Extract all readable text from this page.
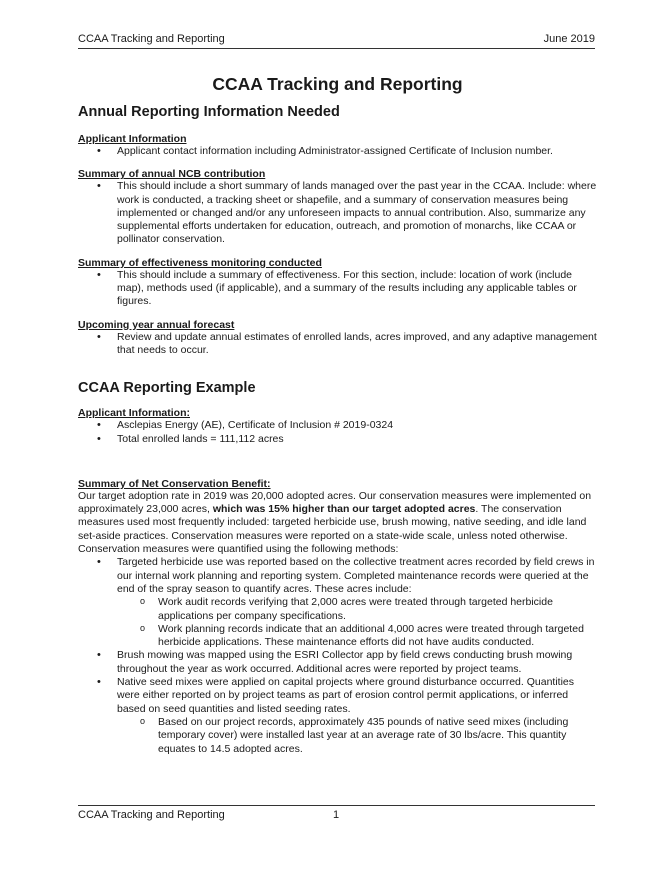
CCAA Tracking and Reporting	June 2019
CCAA Tracking and Reporting
Annual Reporting Information Needed
Applicant Information
• Applicant contact information including Administrator-assigned Certificate of Inclusion number.
Summary of annual NCB contribution
• This should include a short summary of lands managed over the past year in the CCAA. Include: where work is conducted, a tracking sheet or shapefile, and a summary of conservation measures being implemented or changed and/or any unforeseen impacts to annual contribution. Also, summarize any supplemental efforts undertaken for education, outreach, and promotion of monarchs, like CCAA or pollinator conservation.
Summary of effectiveness monitoring conducted
• This should include a summary of effectiveness. For this section, include: location of work (include map), methods used (if applicable), and a summary of the results including any applicable tables or figures.
Upcoming year annual forecast
• Review and update annual estimates of enrolled lands, acres improved, and any adaptive management that needs to occur.
CCAA Reporting Example
Applicant Information:
• Asclepias Energy (AE), Certificate of Inclusion # 2019-0324
• Total enrolled lands = 111,112 acres
Summary of Net Conservation Benefit:

Our target adoption rate in 2019 was 20,000 adopted acres. Our conservation measures were implemented on approximately 23,000 acres, which was 15% higher than our target adopted acres. The conservation measures used most frequently included: targeted herbicide use, brush mowing, native seeding, and idle land set-aside practices. Conservation measures were reported on a state-wide scale, unless noted otherwise. Conservation measures were quantified using the following methods:

• Targeted herbicide use was reported based on the collective treatment acres recorded by field crews in our internal work planning and reporting system. Completed maintenance records were queried at the end of the spray season to quantify acres. These acres include:
o Work audit records verifying that 2,000 acres were treated through targeted herbicide applications per company specifications.
o Work planning records indicate that an additional 4,000 acres were treated through targeted herbicide applications. These maintenance efforts did not have audits conducted.
• Brush mowing was mapped using the ESRI Collector app by field crews conducting brush mowing throughout the year as work occurred. Additional acres were reported by project teams.
• Native seed mixes were applied on capital projects where ground disturbance occurred. Quantities were either reported on by project teams as part of erosion control permit applications, or inferred based on seed quantities and listed seeding rates.
o Based on our project records, approximately 435 pounds of native seed mixes (including temporary cover) were installed last year at an average rate of 30 lbs/acre. This quantity equates to 14.5 adopted acres.
CCAA Tracking and Reporting	1
